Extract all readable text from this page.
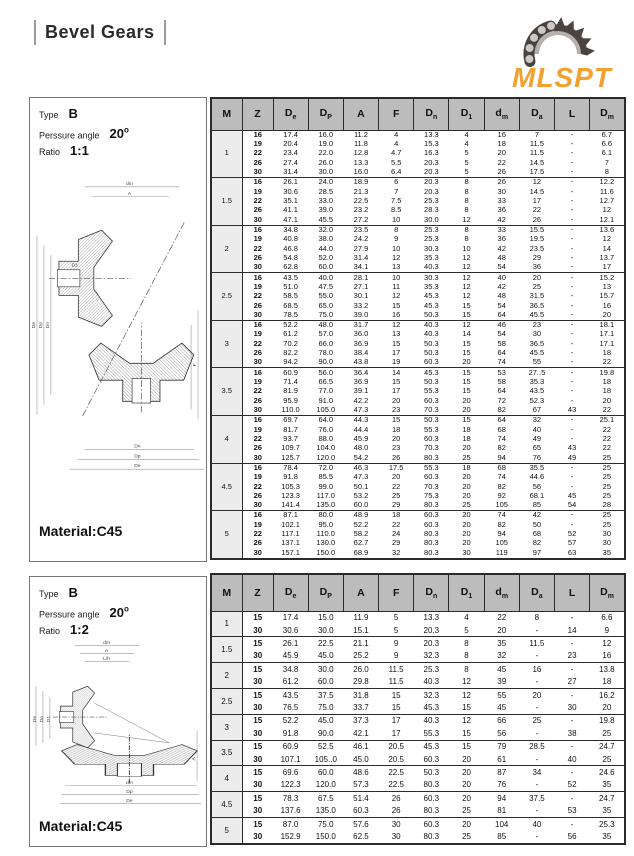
Bevel Gears
MLSPT
Type B
Perssure angle 20$^o$
Ratio 1:1
dm
A
De Dp Dn
F
Dn
Dp
De
Material:C45
M	Z	$D_e$	$D_P$	A	F	$D_n$	$D_1$	$d_m$	$D_a$	L	$D_m$
1	16	17.4	16.0	11.2	4	13.3	4	16	7	-	6.7
	19	20.4	19.0	11.8	4	15.3	4	18	11.5	-	6.6
	22	23.4	22.0	12.8	4.7	16.3	5	20	11.5	-	6.1
	26	27.4	26.0	13.3	5.5	20.3	5	22	14.5	-	7
	30	31.4	30.0	16.0	6.4	20.3	5	26	17.5	-	8
1.5	16	26.1	24.0	18.9	6	20.3	8	26	12	-	12.2
	19	30.6	28.5	21.3	7	20.3	8	30	14.5	-	11.6
	22	35.1	33.0	22.5	7.5	25.3	8	33	17	-	12.7
	26	41.1	39.0	23.2	8.5	28.3	8	36	22	-	12
	30	47.1	45.5	27.2	10	30.0	12	42	26	-	12.1
2	16	34.8	32.0	23.5	8	25.3	8	33	15.5	-	13.6
	19	40.8	38.0	24.2	9	25.3	8	36	19.5	-	12
	22	46.8	44.0	27.9	10	30.3	10	42	23.5	-	14
	26	54.8	52.0	31.4	12	35.3	12	48	29	-	13.7
	30	62.8	60.0	34.1	13	40.3	12	54	36	-	17
2.5	16	43.5	40.0	28.1	10	30.3	12	40	20	-	15.2
	19	51.0	47.5	27.1	11	35.3	12	42	25	-	13
	22	58.5	55.0	30.1	12	45.3	12	48	31.5	-	15.7
	26	68.5	65.0	33.2	15	45.3	15	54	36.5	-	16
	30	78.5	75.0	39.0	16	50.3	15	64	45.5	-	20
3	16	52.2	48.0	31.7	12	40.3	12	46	23	-	18.1
	19	61.2	57.0	36.0	13	40.3	14	54	30	-	17.1
	22	70.2	66.0	36.9	15	50.3	15	58	36.5	-	17.1
	26	82.2	78.0	38.4	17	50.3	15	64	45.5	-	18
	30	94.2	90.0	43.8	19	60.3	20	74	55	-	22
3.5	16	60.9	56.0	36.4	14	45.3	15	53	27..5	-	19.8
	19	71.4	66.5	36.9	15	50.3	15	58	35.3	-	18
	22	81.9	77.0	39.1	17	55.3	15	64	43.5	-	18
	26	95.9	91.0	42.2	20	60.3	20	72	52.3	-	20
	30	110.0	105.0	47.3	23	70.3	20	82	67	43	22
4	16	69.7	64.0	44.3	15	50.3	15	64	32	-	25.1
	19	81.7	76.0	44.4	18	55.3	18	68	40	-	22
	22	93.7	88.0	45.9	20	60.3	18	74	49	-	22
	26	109.7	104.0	48.0	23	70.3	20	82	65	43	22
	30	125.7	120.0	54.2	26	80.3	25	94	76	49	25
4.5	16	78.4	72.0	46.3	17.5	55.3	18	68	35.5	-	25
	19	91.8	85.5	47.3	20	60.3	20	74	44.6	-	25
	22	105.3	99.0	50.1	22	70.3	20	82	56	-	25
	26	123.3	117.0	53.2	25	75.3	20	92	68.1	45	25
	30	141.4	135.0	60.0	29	80.3	25	105	85	54	28
5	16	87.1	80.0	48.9	18	60.3	20	74	42	-	25
	19	102.1	95.0	52.2	22	60.3	20	82	50	-	25
	22	117.1	110.0	58.2	24	80.3	20	94	68	52	30
	26	137.1	130.0	62.7	29	80.3	20	105	82	57	30
	30	157.1	150.0	68.9	32	80.3	30	119	97	63	35
Type B
Perssure angle 20$^o$
Ratio 1:2
dm
A
L/h
De Dp D1
dm
Dp
De
A
Material:C45
M	Z	$D_e$	$D_P$	A	F	$D_n$	$D_1$	$d_m$	$D_a$	L	$D_m$
1	15	17.4	15.0	11.9	5	13.3	4	22	8	-	6.6
	30	30.6	30.0	15.1	5	20.3	5	20	-	14	9
1.5	15	26.1	22.5	21.1	9	20.3	8	35	11.5	-	12
	30	45.9	45.0	25.2	9	32.3	8	32	-	23	16
2	15	34.8	30.0	26.0	11.5	25.3	8	45	16	-	13.8
	30	61.2	60.0	29.8	11.5	40.3	12	39	-	27	18
2.5	15	43.5	37.5	31.8	15	32.3	12	55	20	-	16.2
	30	76.5	75.0	33.7	15	45.3	15	45	-	30	20
3	15	52.2	45.0	37.3	17	40.3	12	66	25	-	19.8
	30	91.8	90.0	42.1	17	55.3	15	56	-	38	25
3.5	15	60.9	52.5	46.1	20.5	45.3	15	79	28.5	-	24.7
	30	107.1	105..0	45.0	20.5	60.3	20	61	-	40	25
4	15	69.6	60.0	48.6	22.5	50.3	20	87	34	-	24.6
	30	122.3	120.0	57.3	22.5	80.3	20	76	-	52	35
4.5	15	78.3	67.5	51.4	26	60.3	20	94	37.5	-	24.7
	30	137.6	135.0	60.3	26	80.3	25	81	-	53	35
5	15	87.0	75.0	57.6	30	60.3	20	104	40	-	25.3
	30	152.9	150.0	62.5	30	80.3	25	85	-	56	35
